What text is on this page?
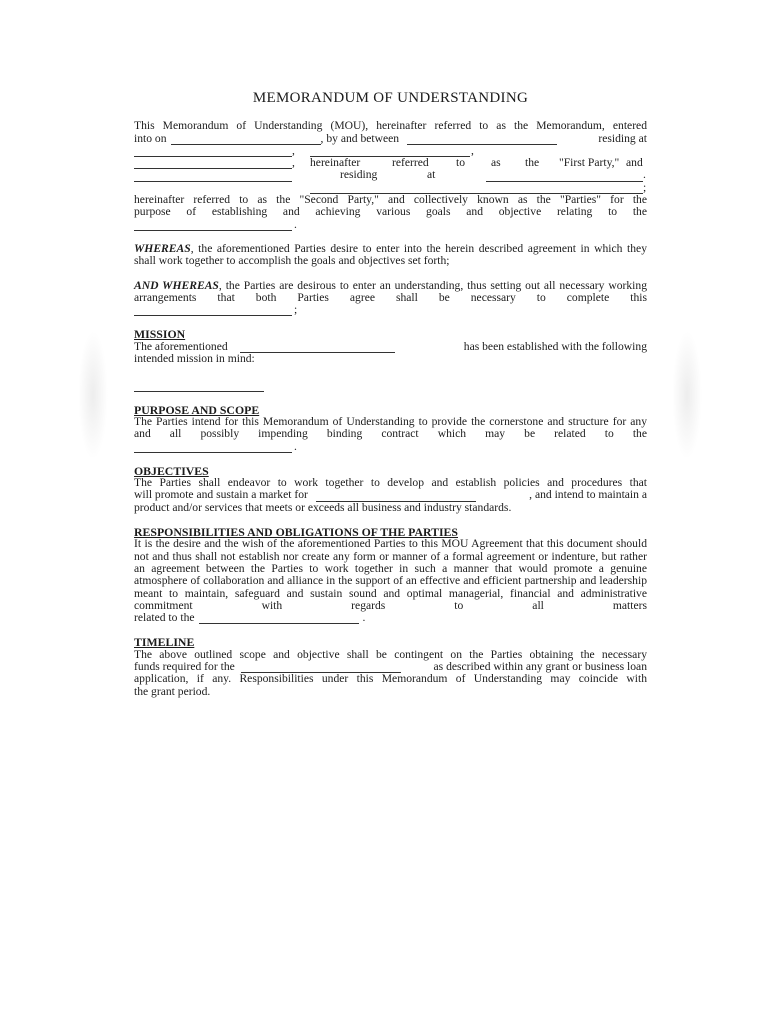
MEMORANDUM OF UNDERSTANDING

This Memorandum of Understanding (MOU), hereinafter referred to as the Memorandum, entered

into on	, by and between	residing at
,	,
, hereinafter	referred to as the "First Party," and
residing	at	.
;

hereinafter referred to as the "Second Party," and collectively known as the "Parties" for the

purpose of establishing and achieving various goals and objective relating to the

.

WHEREAS, the aforementioned Parties desire to enter into the herein described agreement in which they shall work together to accomplish the goals and objectives set forth;

AND WHEREAS, the Parties are desirous to enter an understanding, thus setting out all necessary working arrangements that both Parties agree shall be necessary to complete this

;

MISSION

The aforementioned	has been established with the following

intended mission in mind:

PURPOSE AND SCOPE

The Parties intend for this Memorandum of Understanding to provide the cornerstone and structure for any and all possibly impending binding contract which may be related to the

.

OBJECTIVES

The Parties shall endeavor to work together to develop and establish policies and procedures that

will promote and sustain a market for	, and intend to maintain a

product and/or services that meets or exceeds all business and industry standards.

RESPONSIBILITIES AND OBLIGATIONS OF THE PARTIES

It is the desire and the wish of the aforementioned Parties to this MOU Agreement that this document should not and thus shall not establish nor create any form or manner of a formal agreement or indenture, but rather an agreement between the Parties to work together in such a manner that would promote a genuine atmosphere of collaboration and alliance in the support of an effective and efficient partnership and leadership meant to maintain, safeguard and sustain sound and optimal managerial, financial and administrative commitment with regards to all matters

related to the	.

TIMELINE

The above outlined scope and objective shall be contingent on the Parties obtaining the necessary

funds required for the	as described within any grant or business loan

application, if any. Responsibilities under this Memorandum of Understanding may coincide with

the grant period.
